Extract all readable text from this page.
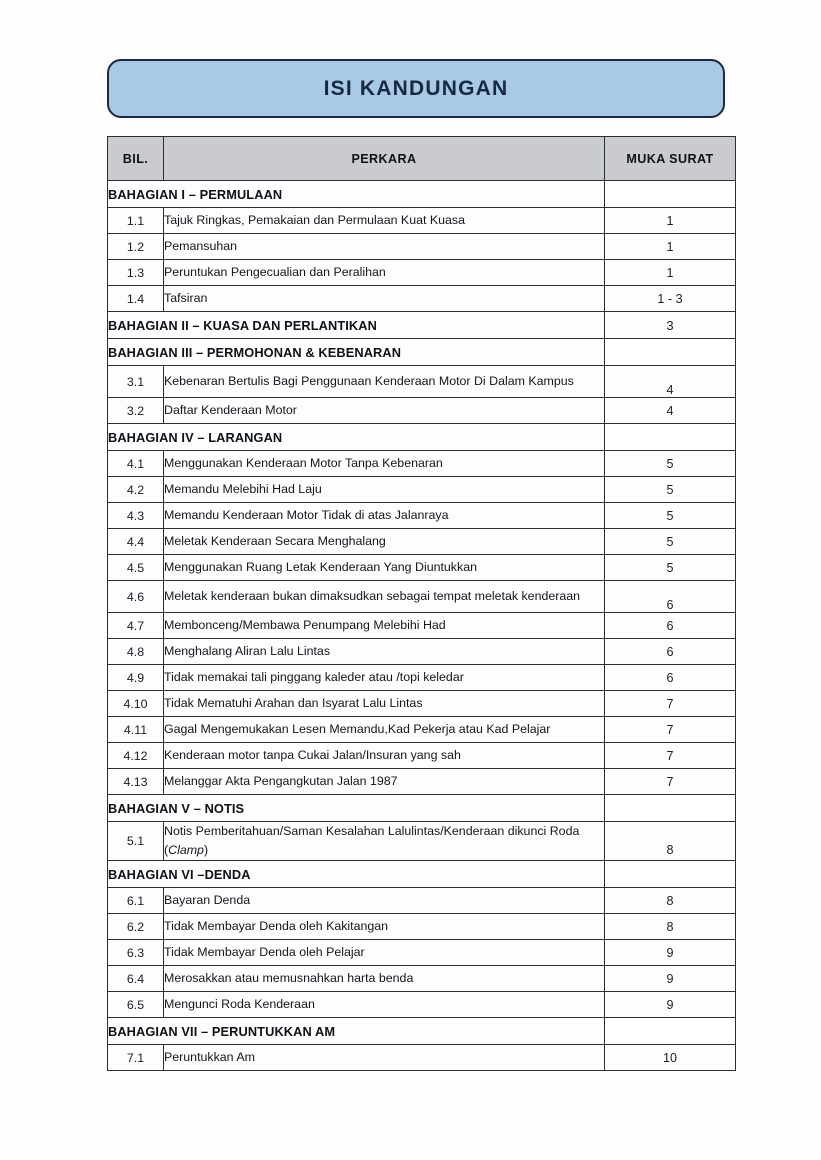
ISI KANDUNGAN
BIL.	PERKARA	MUKA SURAT
BAHAGIAN I – PERMULAAN		
1.1	Tajuk Ringkas, Pemakaian dan Permulaan Kuat Kuasa	1
1.2	Pemansuhan	1
1.3	Peruntukan Pengecualian dan Peralihan	1
1.4	Tafsiran	1 - 3
BAHAGIAN II – KUASA DAN PERLANTIKAN		3
BAHAGIAN III – PERMOHONAN & KEBENARAN		
3.1	Kebenaran Bertulis Bagi Penggunaan Kenderaan Motor Di Dalam Kampus	4
3.2	Daftar Kenderaan Motor	4
BAHAGIAN IV – LARANGAN		
4.1	Menggunakan Kenderaan Motor Tanpa Kebenaran	5
4.2	Memandu Melebihi Had Laju	5
4.3	Memandu Kenderaan Motor Tidak di atas Jalanraya	5
4.4	Meletak Kenderaan Secara Menghalang	5
4.5	Menggunakan Ruang Letak Kenderaan Yang Diuntukkan	5
4.6	Meletak kenderaan bukan dimaksudkan sebagai tempat meletak kenderaan	6
4.7	Membonceng/Membawa Penumpang Melebihi Had	6
4.8	Menghalang Aliran Lalu Lintas	6
4.9	Tidak memakai tali pinggang kaleder atau /topi keledar	6
4.10	Tidak Mematuhi Arahan dan Isyarat Lalu Lintas	7
4.11	Gagal Mengemukakan Lesen Memandu,Kad Pekerja atau Kad Pelajar	7
4.12	Kenderaan motor tanpa Cukai Jalan/Insuran yang sah	7
4.13	Melanggar Akta Pengangkutan Jalan 1987	7
BAHAGIAN V – NOTIS		
5.1	Notis Pemberitahuan/Saman Kesalahan Lalulintas/Kenderaan dikunci Roda (Clamp)	8
BAHAGIAN VI –DENDA		
6.1	Bayaran Denda	8
6.2	Tidak Membayar Denda oleh Kakitangan	8
6.3	Tidak Membayar Denda oleh Pelajar	9
6.4	Merosakkan atau memusnahkan harta benda	9
6.5	Mengunci Roda Kenderaan	9
BAHAGIAN VII – PERUNTUKKAN AM		
7.1	Peruntukkan Am	10
